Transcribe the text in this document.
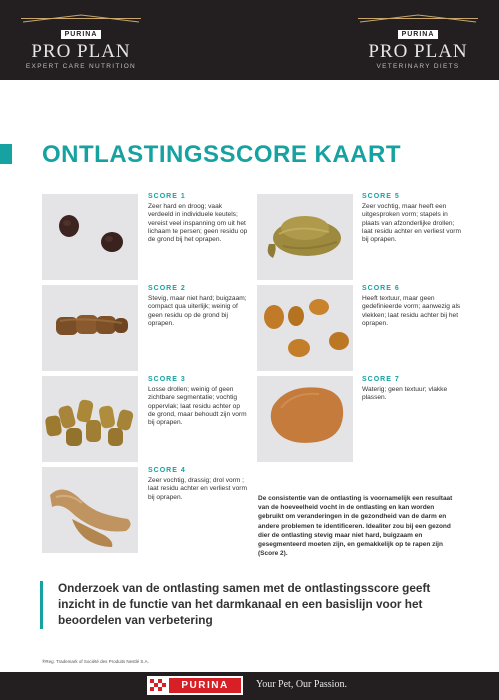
PURINA
PRO PLAN
EXPERT CARE NUTRITION
PURINA
PRO PLAN
VETERINARY DIETS
ONTLASTINGSSCORE KAART
SCORE 1
Zeer hard en droog; vaak verdeeld in individuele keutels; vereist veel inspanning om uit het lichaam te persen; geen residu op de grond bij het oprapen.
SCORE 2
Stevig, maar niet hard; buigzaam; compact qua uiterlijk; weinig of geen residu op de grond bij oprapen.
SCORE 3
Losse drollen; weinig of geen zichtbare segmentatie; vochtig oppervlak; laat residu achter op de grond, maar behoudt zijn vorm bij oprapen.
SCORE 4
Zeer vochtig, drassig; drol vorm ; laat residu achter en verliest vorm bij oprapen.
SCORE 5
Zeer vochtig, maar heeft een uitgesproken vorm; stapels in plaats van afzonderlijke drollen; laat residu achter en verliest vorm bij oprapen.
SCORE 6
Heeft textuur, maar geen gedefinieerde vorm; aanwezig als vlekken; laat residu achter bij het oprapen.
SCORE 7
Waterig; geen textuur; vlakke plassen.
De consistentie van de ontlasting is voornamelijk een resultaat van de hoeveelheid vocht in de ontlasting en kan worden gebruikt om veranderingen in de gezondheid van de darm en andere problemen te identificeren. Idealiter zou bij een gezond dier de ontlasting stevig maar niet hard, buigzaam en gesegmenteerd moeten zijn, en gemakkelijk op te rapen zijn (Score 2).
Onderzoek van de ontlasting samen met de ontlastingsscore geeft inzicht in de functie van het darmkanaal en een basislijn voor het beoordelen van verbetering
®Reg. Trademark of Société des Produits Nestlé S.A.
PURINA	Your Pet, Our Passion.
